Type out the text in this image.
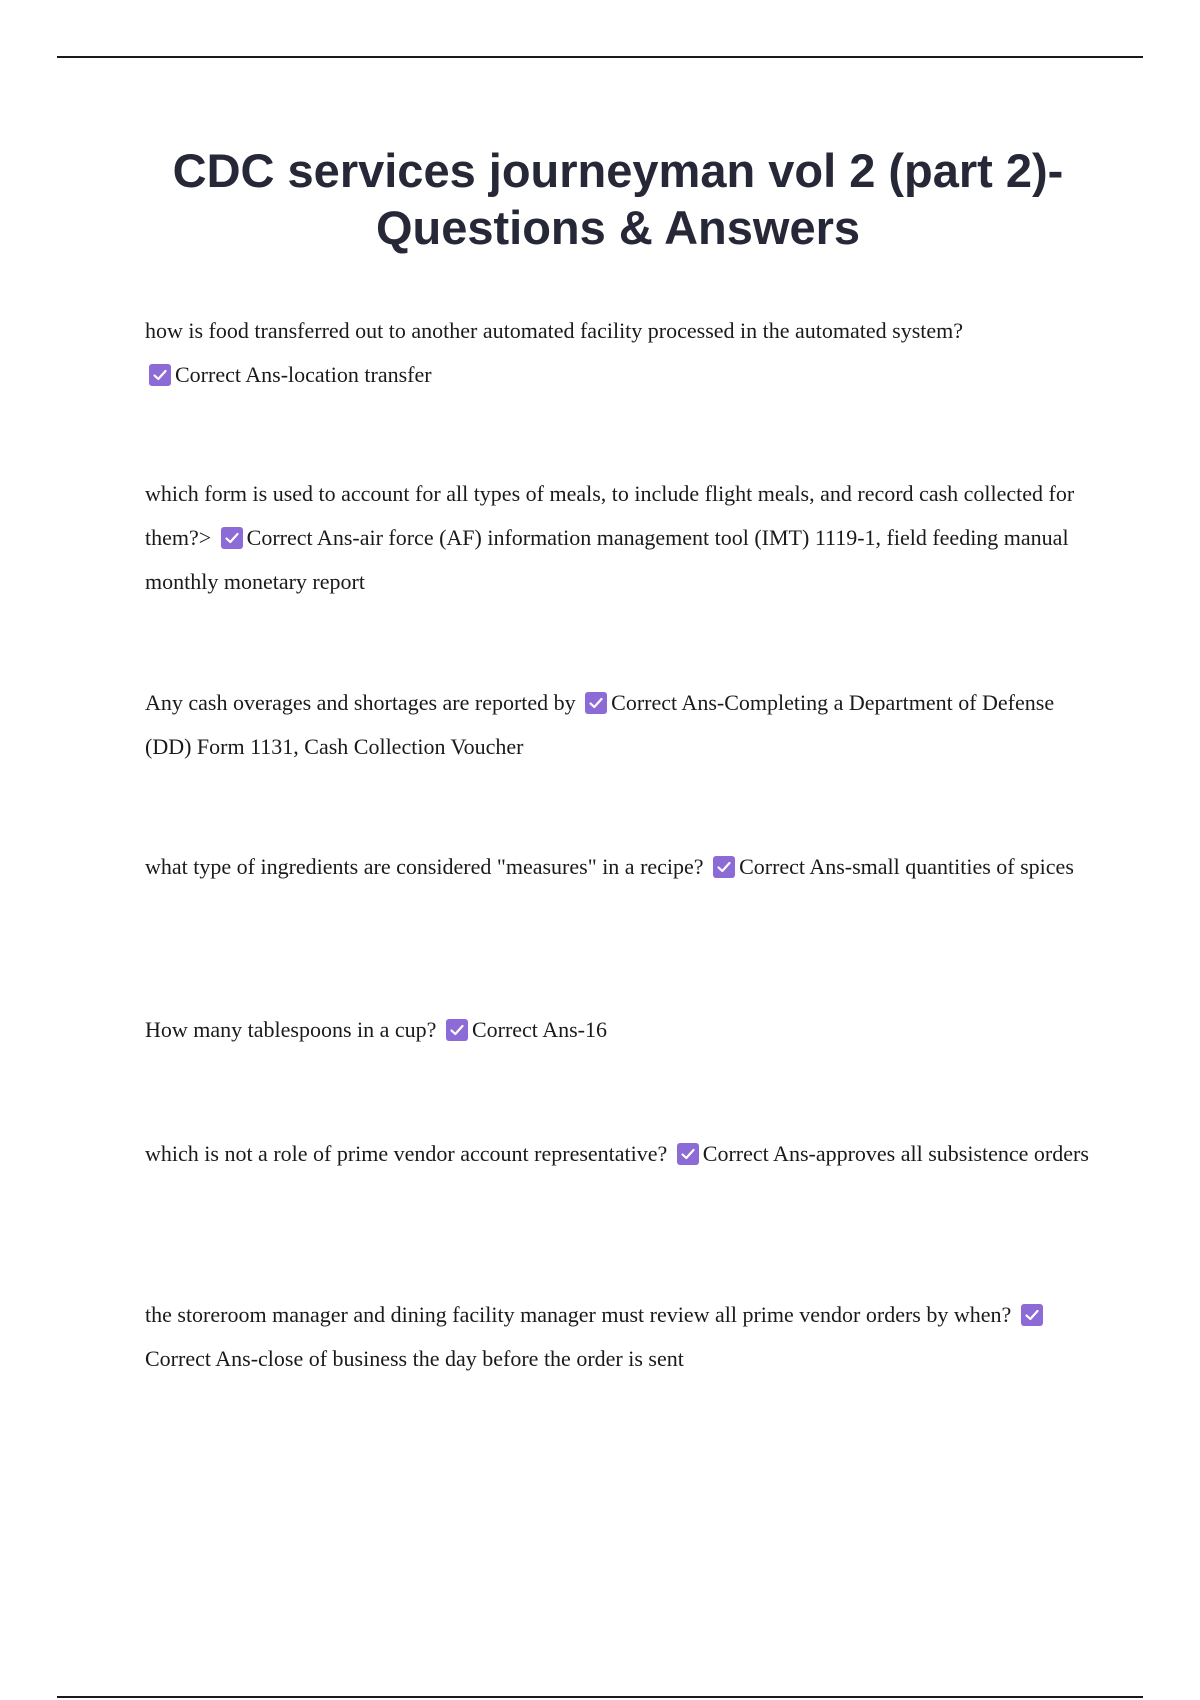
CDC services journeyman vol 2 (part 2)- Questions & Answers

how is food transferred out to another automated facility processed in the automated system?

Correct Ans-location transfer

which form is used to account for all types of meals, to include flight meals, and record cash collected for them?> Correct Ans-air force (AF) information management tool (IMT) 1119-1, field feeding manual monthly monetary report

Any cash overages and shortages are reported by Correct Ans-Completing a Department of Defense (DD) Form 1131, Cash Collection Voucher

what type of ingredients are considered "measures" in a recipe? Correct Ans-small quantities of spices

How many tablespoons in a cup? Correct Ans-16

which is not a role of prime vendor account representative? Correct Ans-approves all subsistence orders

the storeroom manager and dining facility manager must review all prime vendor orders by when?
Correct Ans-close of business the day before the order is sent
